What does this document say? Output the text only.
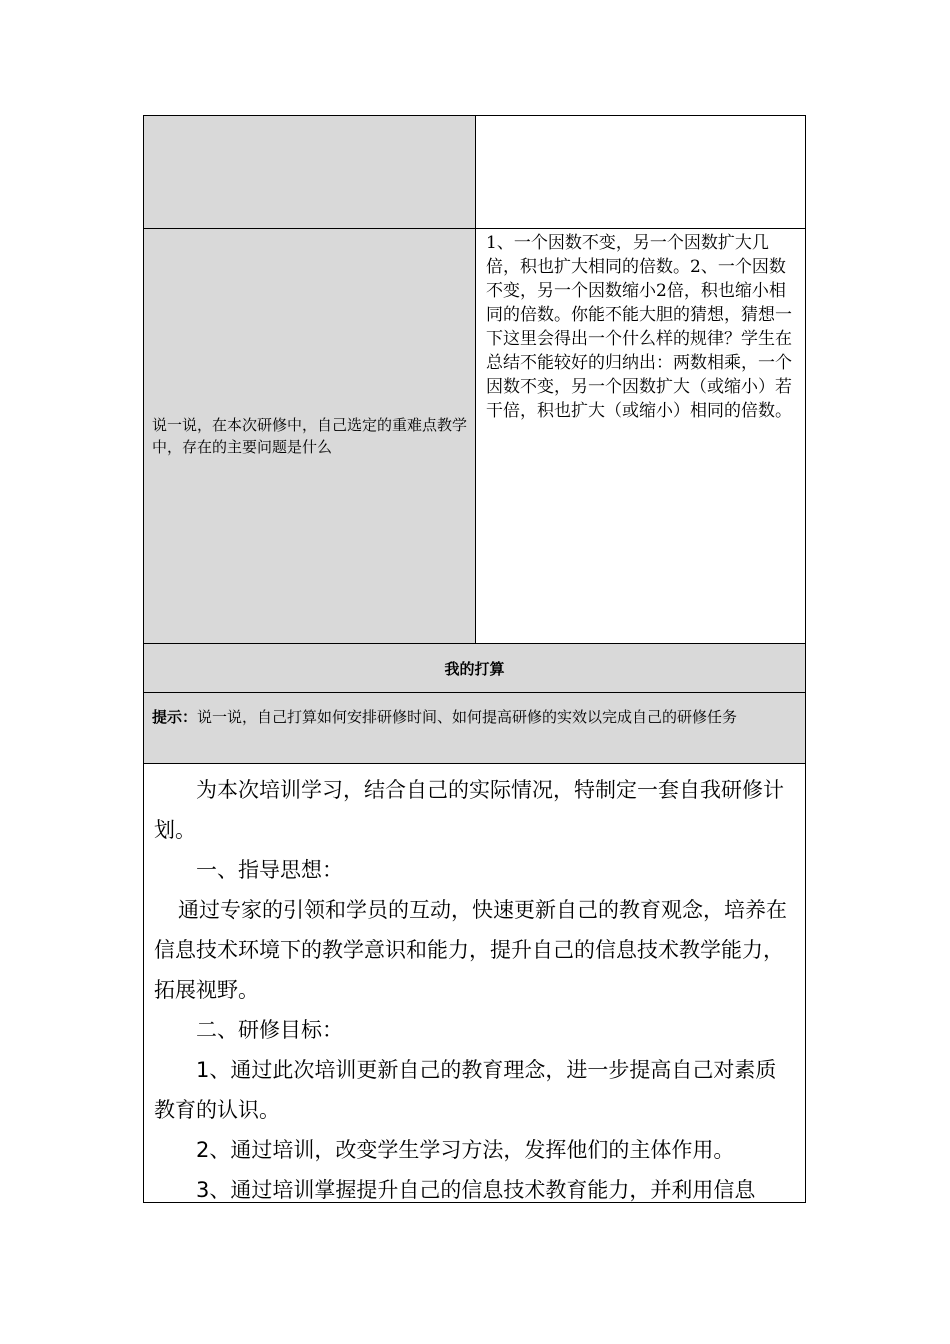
说一说，在本次研修中，自己选定的重难点教学中，存在的主要问题是什么
1、一个因数不变，另一个因数扩大几倍，积也扩大相同的倍数。2、一个因数不变，另一个因数缩小2倍，积也缩小相同的倍数。你能不能大胆的猜想，猜想一下这里会得出一个什么样的规律？学生在总结不能较好的归纳出：两数相乘，一个因数不变，另一个因数扩大（或缩小）若干倍，积也扩大（或缩小）相同的倍数。
我的打算
提示：说一说，自己打算如何安排研修时间、如何提高研修的实效以完成自己的研修任务

为本次培训学习，结合自己的实际情况，特制定一套自我研修计划。

一、指导思想：

通过专家的引领和学员的互动，快速更新自己的教育观念，培养在信息技术环境下的教学意识和能力，提升自己的信息技术教学能力，拓展视野。

二、研修目标：

1、通过此次培训更新自己的教育理念，进一步提高自己对素质教育的认识。

2、通过培训，改变学生学习方法，发挥他们的主体作用。

3、通过培训掌握提升自己的信息技术教育能力，并利用信息
